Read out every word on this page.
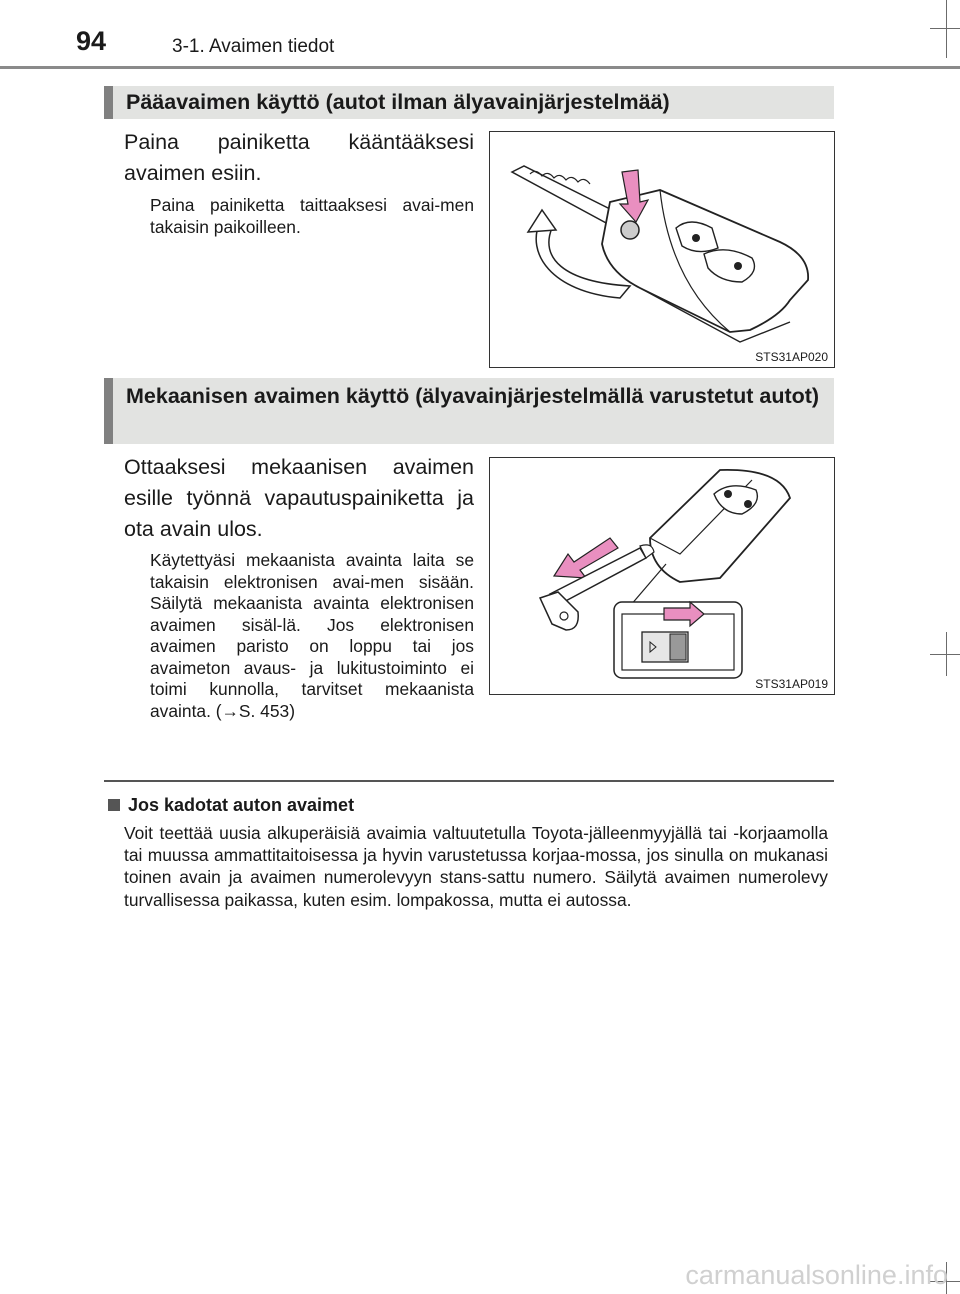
94	3-1. Avaimen tiedot
Pääavaimen käyttö (autot ilman älyavainjärjestelmää)
Paina painiketta kääntääksesi avaimen esiin.
Paina painiketta taittaaksesi avai-men takaisin paikoilleen.
STS31AP020
Mekaanisen avaimen käyttö (älyavainjärjestelmällä varustetut autot)
Ottaaksesi mekaanisen avaimen esille työnnä vapautuspainiketta ja ota avain ulos.
Käytettyäsi mekaanista avainta laita se takaisin elektronisen avai-men sisään. Säilytä mekaanista avainta elektronisen avaimen sisäl-lä. Jos elektronisen avaimen paristo on loppu tai jos avaimeton avaus- ja lukitustoiminto ei toimi kunnolla, tarvitset mekaanista avainta. (→S. 453)
STS31AP019
Jos kadotat auton avaimet
Voit teettää uusia alkuperäisiä avaimia valtuutetulla Toyota-jälleenmyyjällä tai -korjaamolla tai muussa ammattitaitoisessa ja hyvin varustetussa korjaa-mossa, jos sinulla on mukanasi toinen avain ja avaimen numerolevyyn stans-sattu numero. Säilytä avaimen numerolevy turvallisessa paikassa, kuten esim. lompakossa, mutta ei autossa.
carmanualsonline.info
